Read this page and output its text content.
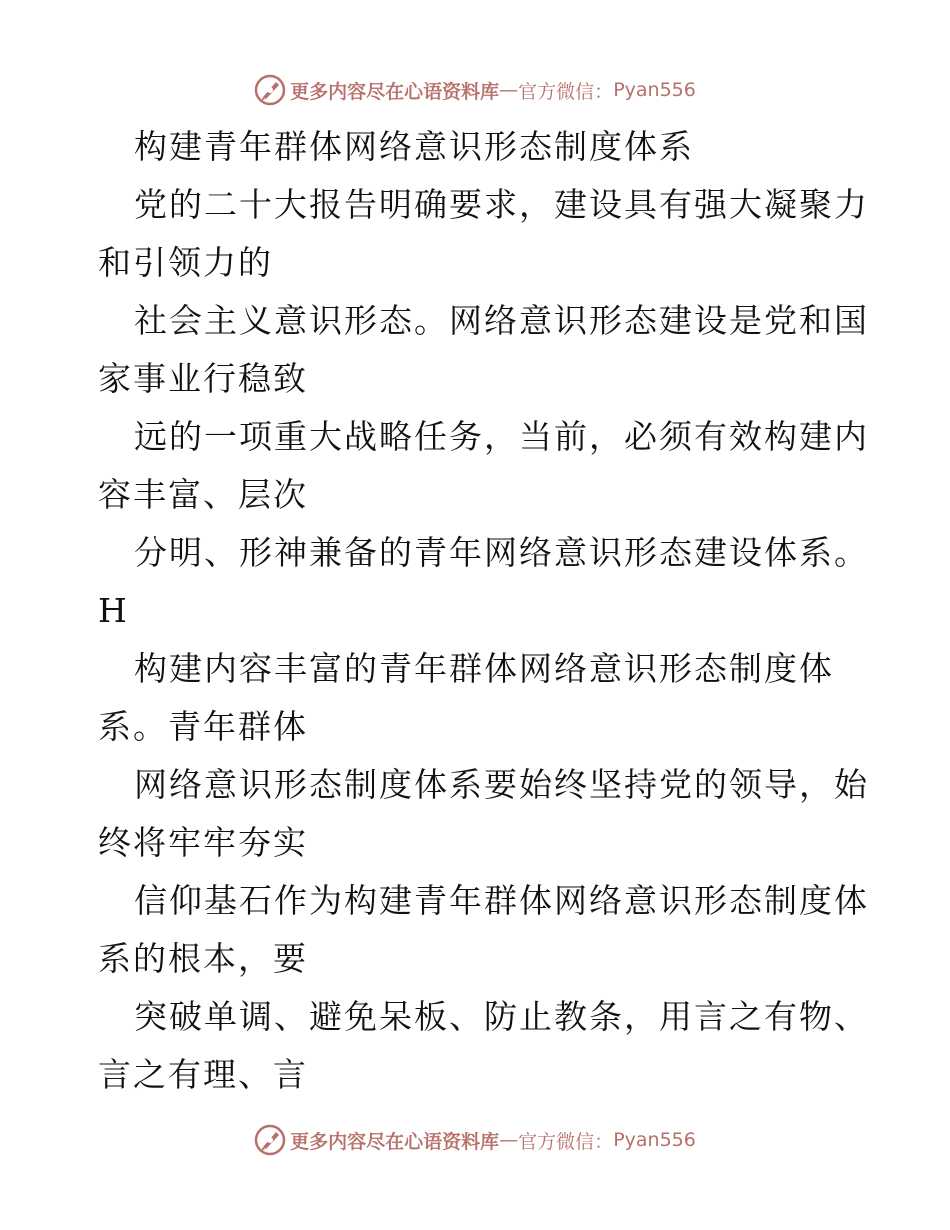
更多内容尽在心语资料库 — 官方微信： Pyan556
构建青年群体网络意识形态制度体系
党的二十大报告明确要求，建设具有强大凝聚力
和引领力的
社会主义意识形态。网络意识形态建设是党和国
家事业行稳致
远的一项重大战略任务，当前，必须有效构建内
容丰富、层次
分明、形神兼备的青年网络意识形态建设体系。
H
构建内容丰富的青年群体网络意识形态制度体
系。青年群体
网络意识形态制度体系要始终坚持党的领导，始
终将牢牢夯实
信仰基石作为构建青年群体网络意识形态制度体
系的根本，要
突破单调、避免呆板、防止教条，用言之有物、
言之有理、言
更多内容尽在心语资料库 — 官方微信： Pyan556
